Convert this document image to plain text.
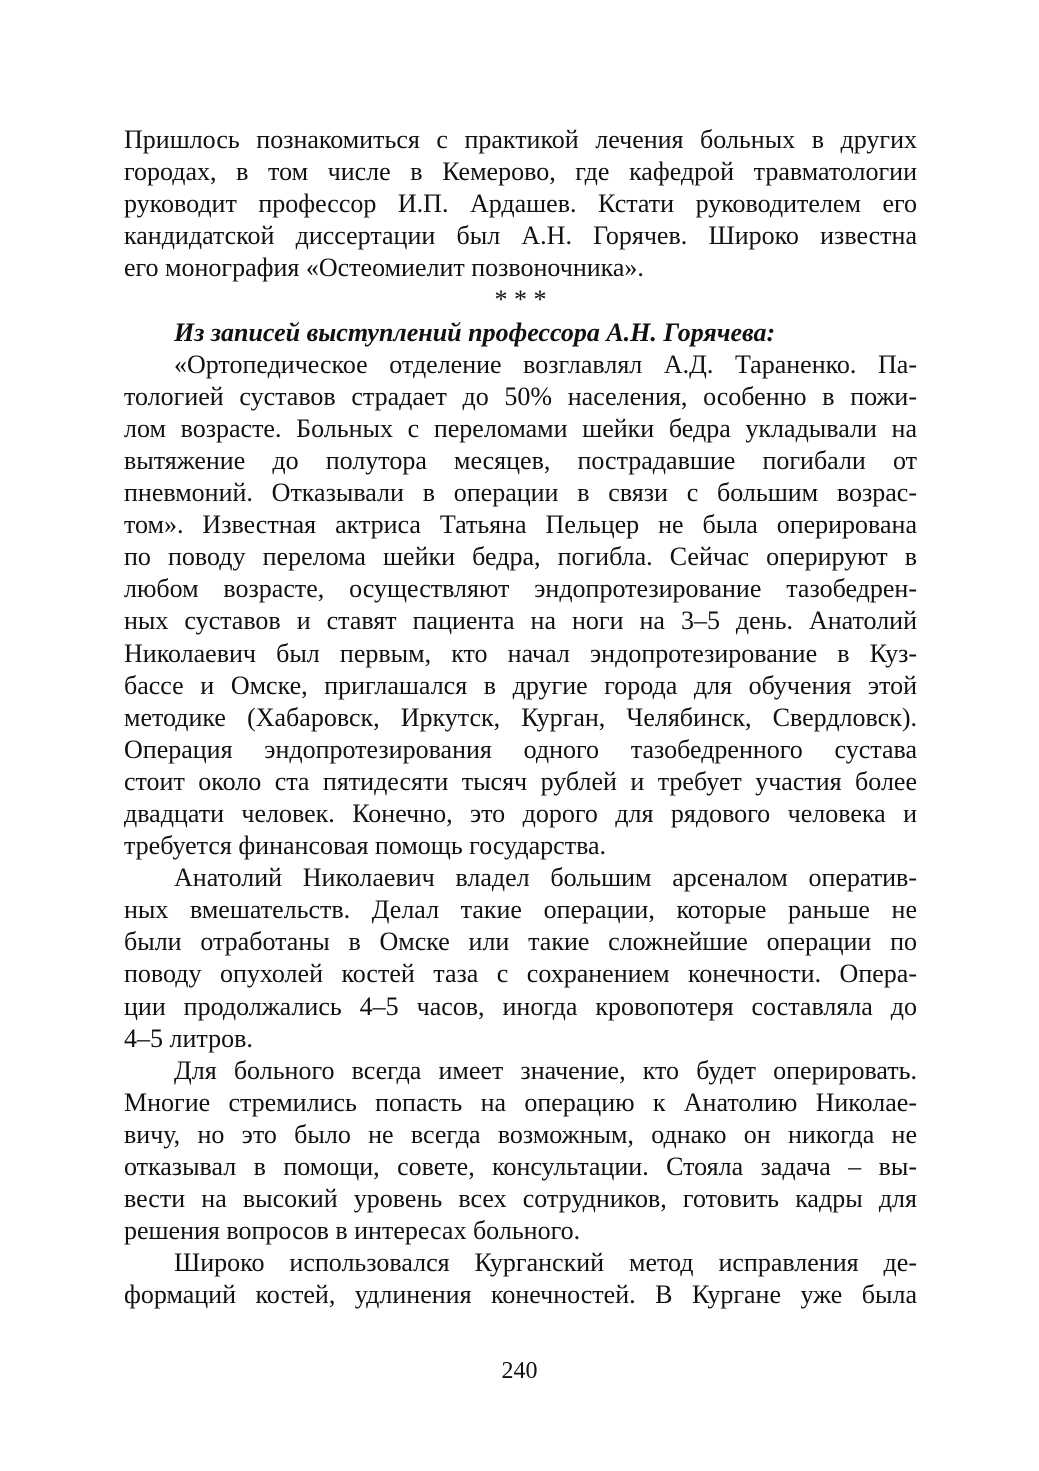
Пришлось познакомиться с практикой лечения больных в других
городах, в том числе в Кемерово, где кафедрой травматологии
руководит профессор И.П. Ардашев. Кстати руководителем его
кандидатской диссертации был А.Н. Горячев. Широко известна
его монография «Остеомиелит позвоночника».
* * *
Из записей выступлений профессора А.Н. Горячева:
«Ортопедическое отделение возглавлял А.Д. Тараненко. Па-
тологией суставов страдает до 50% населения, особенно в пожи-
лом возрасте. Больных с переломами шейки бедра укладывали на
вытяжение до полутора месяцев, пострадавшие погибали от
пневмоний. Отказывали в операции в связи с большим возрас-
том». Известная актриса Татьяна Пельцер не была оперирована
по поводу перелома шейки бедра, погибла. Сейчас оперируют в
любом возрасте, осуществляют эндопротезирование тазобедрен-
ных суставов и ставят пациента на ноги на 3–5 день. Анатолий
Николаевич был первым, кто начал эндопротезирование в Куз-
бассе и Омске, приглашался в другие города для обучения этой
методике (Хабаровск, Иркутск, Курган, Челябинск, Свердловск).
Операция эндопротезирования одного тазобедренного сустава
стоит около ста пятидесяти тысяч рублей и требует участия более
двадцати человек. Конечно, это дорого для рядового человека и
требуется финансовая помощь государства.
Анатолий Николаевич владел большим арсеналом оператив-
ных вмешательств. Делал такие операции, которые раньше не
были отработаны в Омске или такие сложнейшие операции по
поводу опухолей костей таза с сохранением конечности. Опера-
ции продолжались 4–5 часов, иногда кровопотеря составляла до
4–5 литров.
Для больного всегда имеет значение, кто будет оперировать.
Многие стремились попасть на операцию к Анатолию Николае-
вичу, но это было не всегда возможным, однако он никогда не
отказывал в помощи, совете, консультации. Стояла задача – вы-
вести на высокий уровень всех сотрудников, готовить кадры для
решения вопросов в интересах больного.
Широко использовался Курганский метод исправления де-
формаций костей, удлинения конечностей. В Кургане уже была
240
